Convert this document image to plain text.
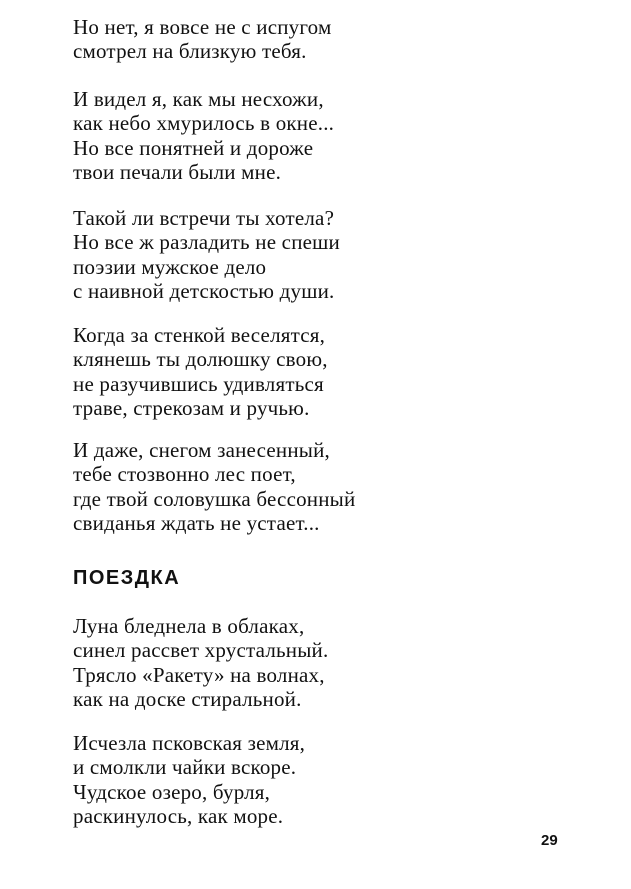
Но нет, я вовсе не с испугом
смотрел на близкую тебя.
И видел я, как мы несхожи,
как небо хмурилось в окне...
Но все понятней и дороже
твои печали были мне.
Такой ли встречи ты хотела?
Но все ж разладить не спеши
поэзии мужское дело
с наивной детскостью души.
Когда за стенкой веселятся,
клянешь ты долюшку свою,
не разучившись удивляться
траве, стрекозам и ручью.
И даже, снегом занесенный,
тебе стозвонно лес поет,
где твой соловушка бессонный
свиданья ждать не устает...
ПОЕЗДКА
Луна бледнела в облаках,
синел рассвет хрустальный.
Трясло «Ракету» на волнах,
как на доске стиральной.
Исчезла псковская земля,
и смолкли чайки вскоре.
Чудское озеро, бурля,
раскинулось, как море.
29
